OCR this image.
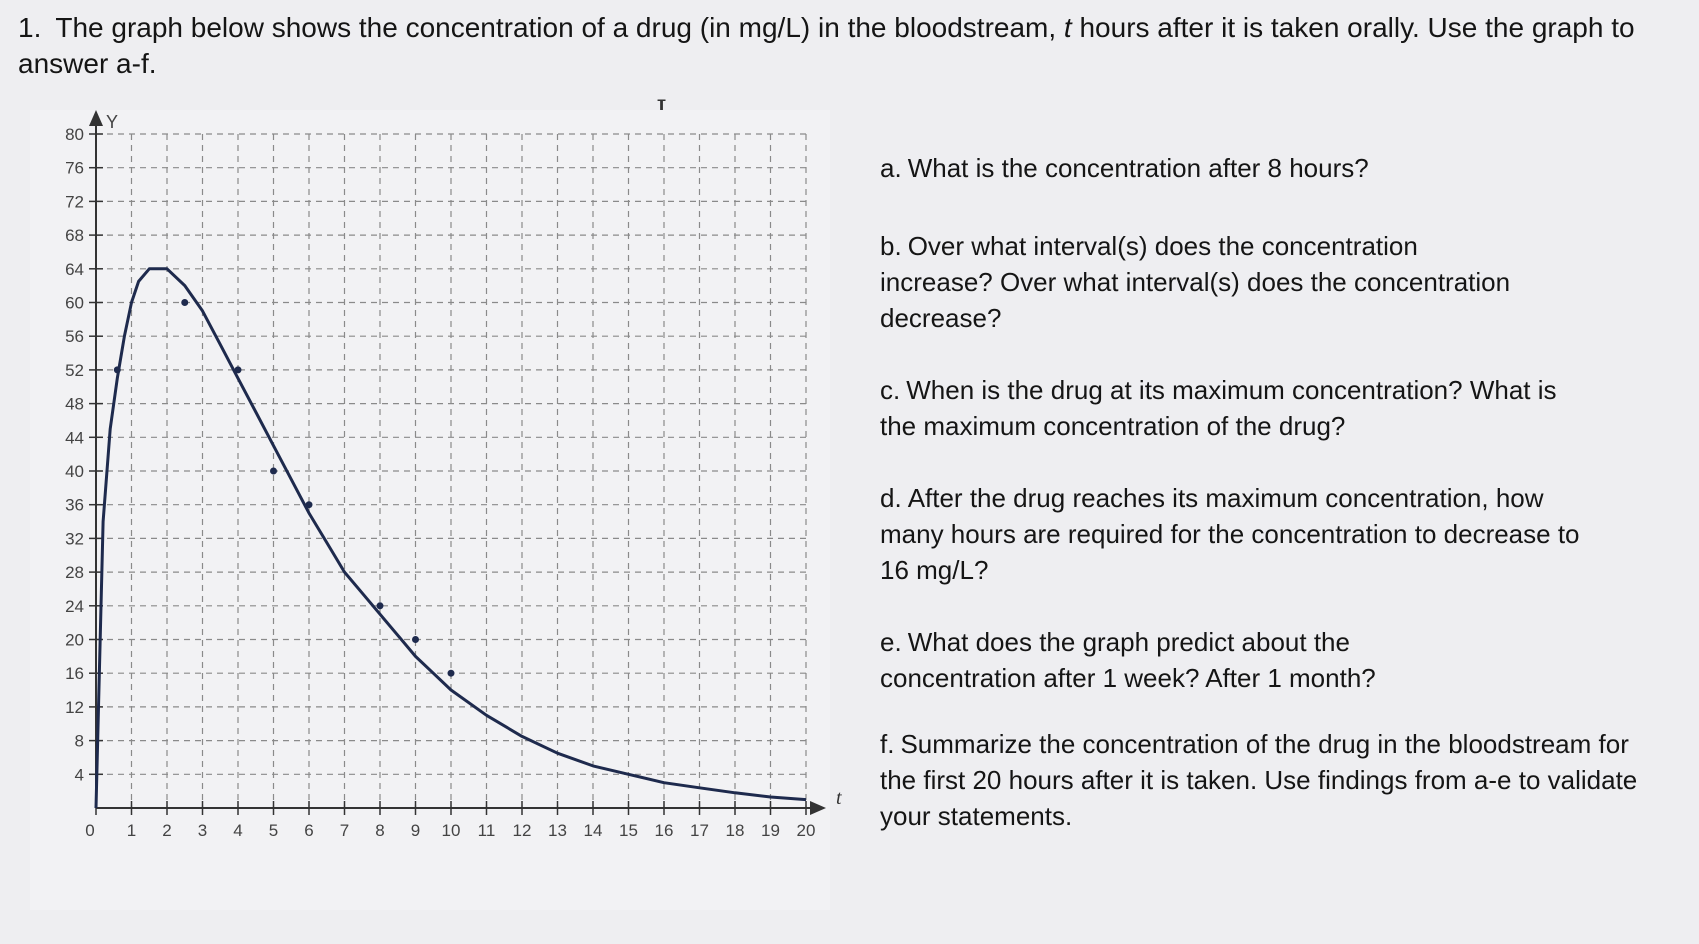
1. The graph below shows the concentration of a drug (in mg/L) in the bloodstream, t hours after it is taken orally. Use the graph to answer a-f.
Y
t
0 1 2 3 4 5 6 7 8 9 10 11 12 13 14 15 16 17 18 19 20
4
8
12
16
20
24
28
32
36
40
44
48
52
56
60
64
68
72
76
80
a. What is the concentration after 8 hours?
b. Over what interval(s) does the concentration increase? Over what interval(s) does the concentration decrease?
c. When is the drug at its maximum concentration? What is the maximum concentration of the drug?
d. After the drug reaches its maximum concentration, how many hours are required for the concentration to decrease to 16 mg/L?
e. What does the graph predict about the concentration after 1 week? After 1 month?
f. Summarize the concentration of the drug in the bloodstream for the first 20 hours after it is taken. Use findings from a-e to validate your statements.
